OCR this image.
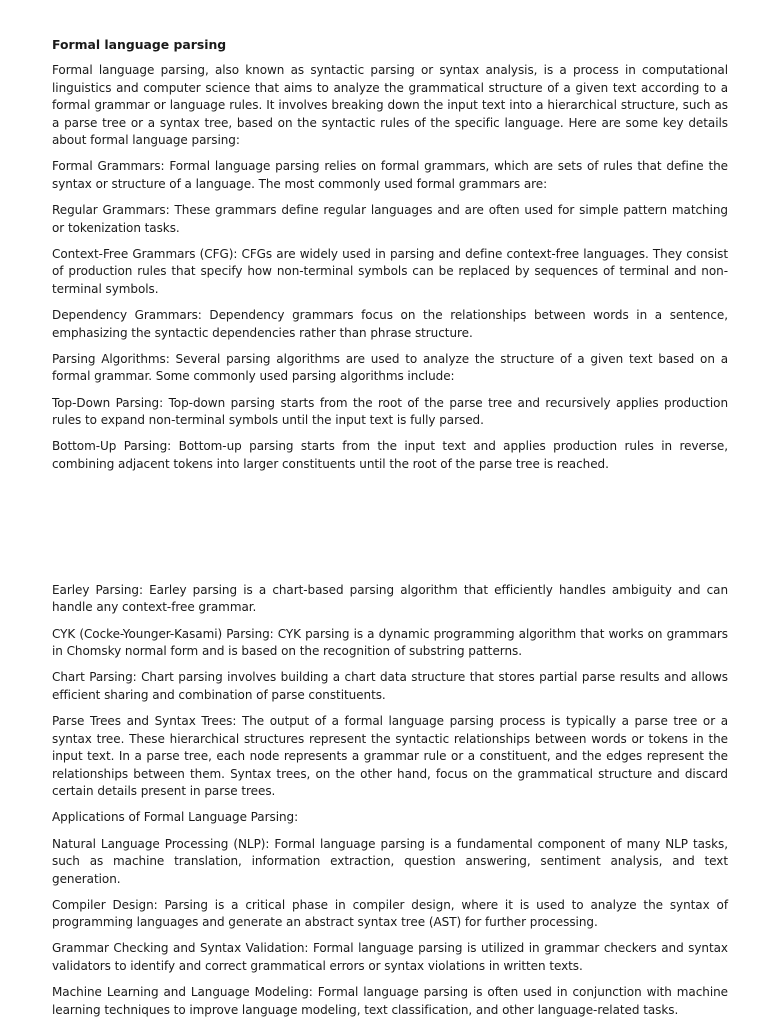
Formal language parsing

Formal language parsing, also known as syntactic parsing or syntax analysis, is a process in computational linguistics and computer science that aims to analyze the grammatical structure of a given text according to a formal grammar or language rules. It involves breaking down the input text into a hierarchical structure, such as a parse tree or a syntax tree, based on the syntactic rules of the specific language. Here are some key details about formal language parsing:

Formal Grammars: Formal language parsing relies on formal grammars, which are sets of rules that define the syntax or structure of a language. The most commonly used formal grammars are:

Regular Grammars: These grammars define regular languages and are often used for simple pattern matching or tokenization tasks.

Context-Free Grammars (CFG): CFGs are widely used in parsing and define context-free languages. They consist of production rules that specify how non-terminal symbols can be replaced by sequences of terminal and non-terminal symbols.

Dependency Grammars: Dependency grammars focus on the relationships between words in a sentence, emphasizing the syntactic dependencies rather than phrase structure.

Parsing Algorithms: Several parsing algorithms are used to analyze the structure of a given text based on a formal grammar. Some commonly used parsing algorithms include:

Top-Down Parsing: Top-down parsing starts from the root of the parse tree and recursively applies production rules to expand non-terminal symbols until the input text is fully parsed.

Bottom-Up Parsing: Bottom-up parsing starts from the input text and applies production rules in reverse, combining adjacent tokens into larger constituents until the root of the parse tree is reached.

Earley Parsing: Earley parsing is a chart-based parsing algorithm that efficiently handles ambiguity and can handle any context-free grammar.

CYK (Cocke-Younger-Kasami) Parsing: CYK parsing is a dynamic programming algorithm that works on grammars in Chomsky normal form and is based on the recognition of substring patterns.

Chart Parsing: Chart parsing involves building a chart data structure that stores partial parse results and allows efficient sharing and combination of parse constituents.

Parse Trees and Syntax Trees: The output of a formal language parsing process is typically a parse tree or a syntax tree. These hierarchical structures represent the syntactic relationships between words or tokens in the input text. In a parse tree, each node represents a grammar rule or a constituent, and the edges represent the relationships between them. Syntax trees, on the other hand, focus on the grammatical structure and discard certain details present in parse trees.

Applications of Formal Language Parsing:

Natural Language Processing (NLP): Formal language parsing is a fundamental component of many NLP tasks, such as machine translation, information extraction, question answering, sentiment analysis, and text generation.

Compiler Design: Parsing is a critical phase in compiler design, where it is used to analyze the syntax of programming languages and generate an abstract syntax tree (AST) for further processing.

Grammar Checking and Syntax Validation: Formal language parsing is utilized in grammar checkers and syntax validators to identify and correct grammatical errors or syntax violations in written texts.

Machine Learning and Language Modeling: Formal language parsing is often used in conjunction with machine learning techniques to improve language modeling, text classification, and other language-related tasks.
